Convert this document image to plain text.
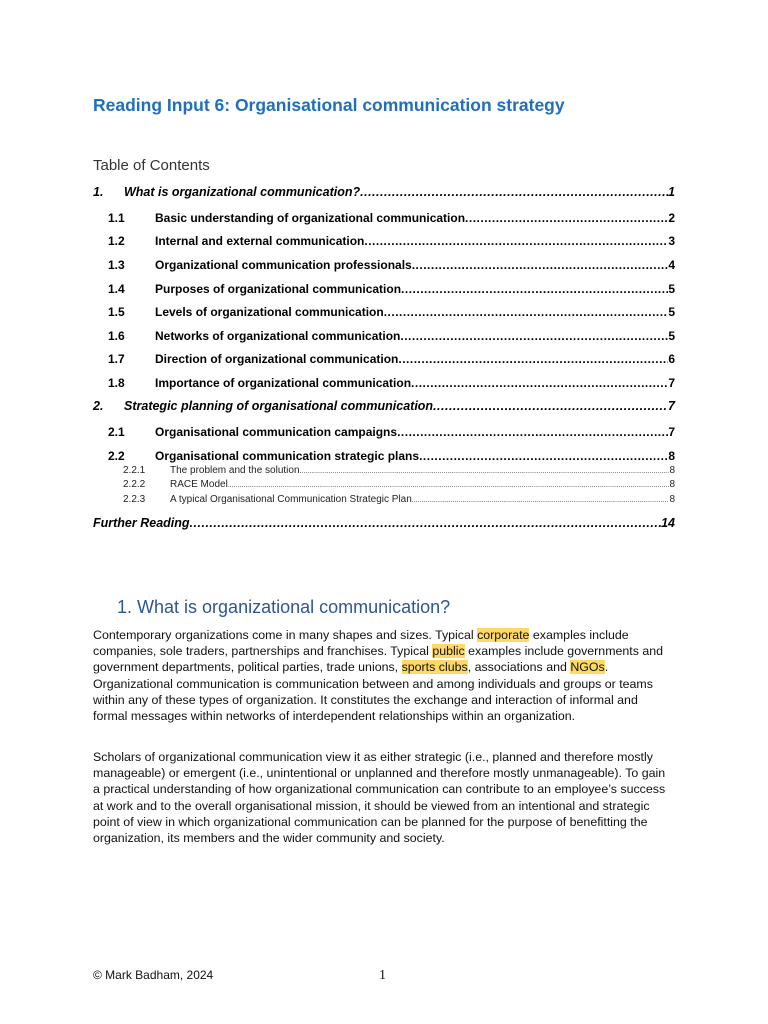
Reading Input 6: Organisational communication strategy
Table of Contents
1.	What is organizational communication? .....	1
1.1	Basic understanding of organizational communication .....	2
1.2	Internal and external communication .....	3
1.3	Organizational communication professionals .....	4
1.4	Purposes of organizational communication .....	5
1.5	Levels of organizational communication .....	5
1.6	Networks of organizational communication .....	5
1.7	Direction of organizational communication .....	6
1.8	Importance of organizational communication .....	7
2.	Strategic planning of organisational communication .....	7
2.1	Organisational communication campaigns .....	7
2.2	Organisational communication strategic plans .....	8
2.2.1	The problem and the solution .....	8
2.2.2	RACE Model .....	8
2.2.3	A typical Organisational Communication Strategic Plan .....	8
Further Reading .....	14
1. What is organizational communication?

Contemporary organizations come in many shapes and sizes. Typical corporate examples include companies, sole traders, partnerships and franchises. Typical public examples include governments and government departments, political parties, trade unions, sports clubs, associations and NGOs. Organizational communication is communication between and among individuals and groups or teams within any of these types of organization. It constitutes the exchange and interaction of informal and formal messages within networks of interdependent relationships within an organization.

Scholars of organizational communication view it as either strategic (i.e., planned and therefore mostly manageable) or emergent (i.e., unintentional or unplanned and therefore mostly unmanageable). To gain a practical understanding of how organizational communication can contribute to an employee’s success at work and to the overall organisational mission, it should be viewed from an intentional and strategic point of view in which organizational communication can be planned for the purpose of benefitting the organization, its members and the wider community and society.

© Mark Badham, 2024	1
